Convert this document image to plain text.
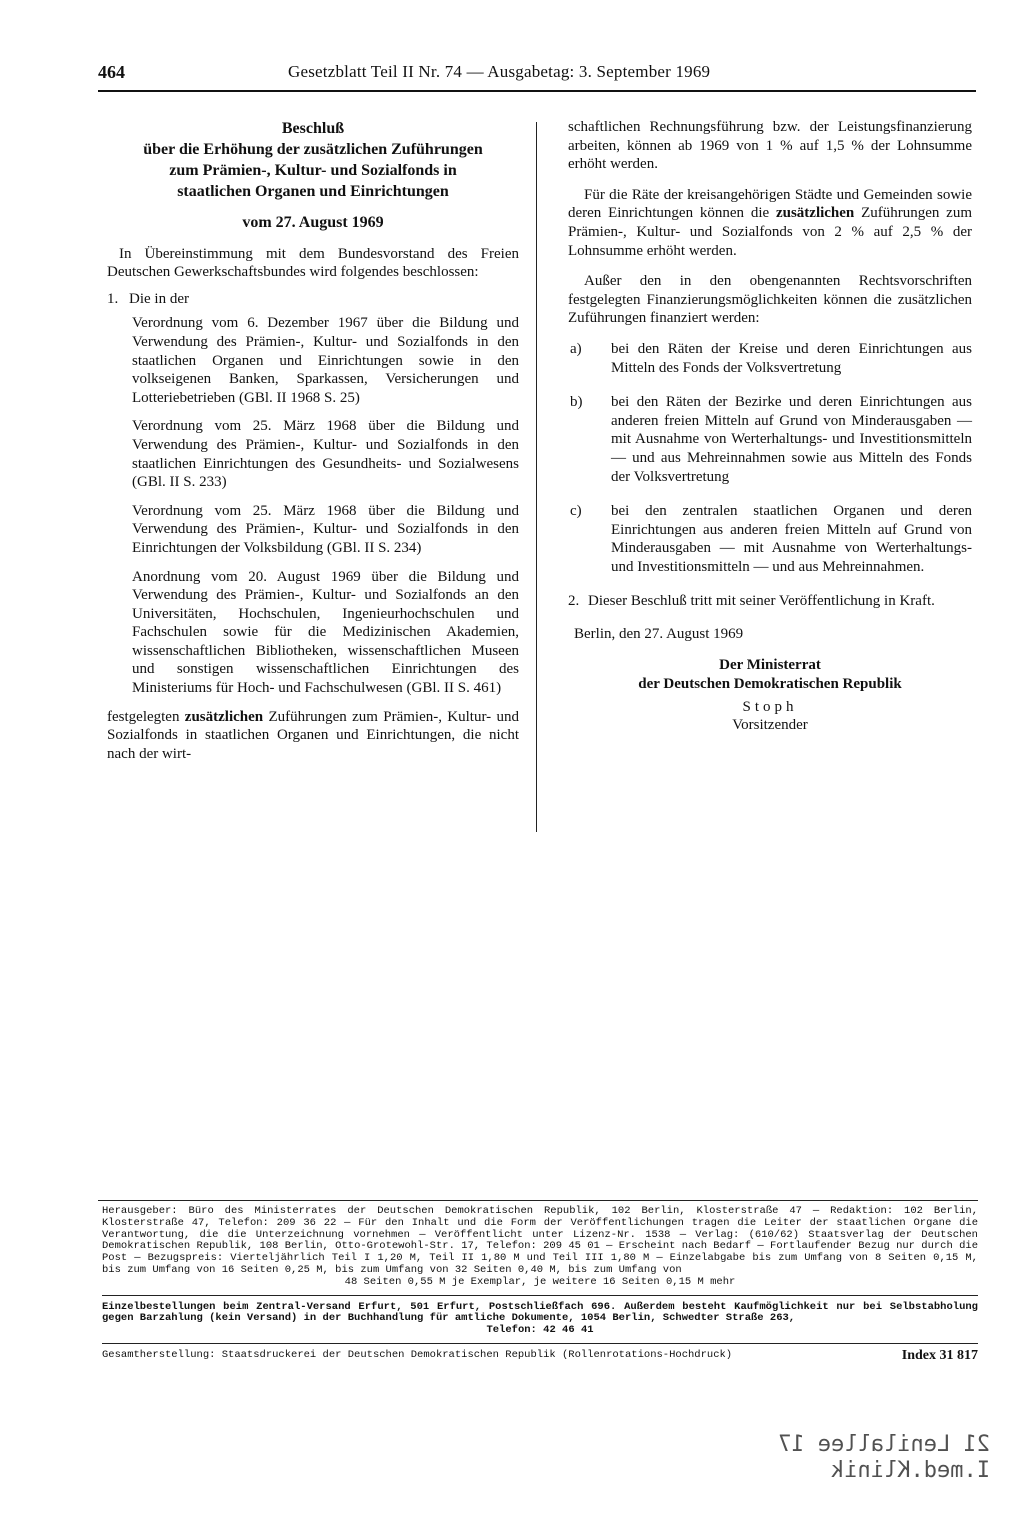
464	Gesetzblatt Teil II Nr. 74 — Ausgabetag: 3. September 1969
Beschluß
über die Erhöhung der zusätzlichen Zuführungen
zum Prämien-, Kultur- und Sozialfonds in
staatlichen Organen und Einrichtungen
vom 27. August 1969

In Übereinstimmung mit dem Bundesvorstand des Freien Deutschen Gewerkschaftsbundes wird folgendes beschlossen:

1. Die in der

Verordnung vom 6. Dezember 1967 über die Bildung und Verwendung des Prämien-, Kultur- und Sozialfonds in den staatlichen Organen und Einrichtungen sowie in den volkseigenen Banken, Sparkassen, Versicherungen und Lotteriebetrieben (GBl. II 1968 S. 25)

Verordnung vom 25. März 1968 über die Bildung und Verwendung des Prämien-, Kultur- und Sozialfonds in den staatlichen Einrichtungen des Gesundheits- und Sozialwesens (GBl. II S. 233)

Verordnung vom 25. März 1968 über die Bildung und Verwendung des Prämien-, Kultur- und Sozialfonds in den Einrichtungen der Volksbildung (GBl. II S. 234)

Anordnung vom 20. August 1969 über die Bildung und Verwendung des Prämien-, Kultur- und Sozialfonds an den Universitäten, Hochschulen, Ingenieurhochschulen und Fachschulen sowie für die Medizinischen Akademien, wissenschaftlichen Bibliotheken, wissenschaftlichen Museen und sonstigen wissenschaftlichen Einrichtungen des Ministeriums für Hoch- und Fachschulwesen (GBl. II S. 461)

festgelegten zusätzlichen Zuführungen zum Prämien-, Kultur- und Sozialfonds in staatlichen Organen und Einrichtungen, die nicht nach der wirt-

schaftlichen Rechnungsführung bzw. der Leistungsfinanzierung arbeiten, können ab 1969 von 1 % auf 1,5 % der Lohnsumme erhöht werden.

Für die Räte der kreisangehörigen Städte und Gemeinden sowie deren Einrichtungen können die zusätzlichen Zuführungen zum Prämien-, Kultur- und Sozialfonds von 2 % auf 2,5 % der Lohnsumme erhöht werden.

Außer den in den obengenannten Rechtsvorschriften festgelegten Finanzierungsmöglichkeiten können die zusätzlichen Zuführungen finanziert werden:

a)	bei den Räten der Kreise und deren Einrichtungen aus Mitteln des Fonds der Volksvertretung
b)	bei den Räten der Bezirke und deren Einrichtungen aus anderen freien Mitteln auf Grund von Minderausgaben — mit Ausnahme von Werterhaltungs- und Investitionsmitteln — und aus Mehreinnahmen sowie aus Mitteln des Fonds der Volksvertretung
c)	bei den zentralen staatlichen Organen und deren Einrichtungen aus anderen freien Mitteln auf Grund von Minderausgaben — mit Ausnahme von Werterhaltungs- und Investitionsmitteln — und aus Mehreinnahmen.
2. Dieser Beschluß tritt mit seiner Veröffentlichung in Kraft.

Berlin, den 27. August 1969

Der Ministerrat
der Deutschen Demokratischen Republik
Stoph
Vorsitzender

Herausgeber: Büro des Ministerrates der Deutschen Demokratischen Republik, 102 Berlin, Klosterstraße 47 — Redaktion: 102 Berlin, Klosterstraße 47, Telefon: 209 36 22 — Für den Inhalt und die Form der Veröffentlichungen tragen die Leiter der staatlichen Organe die Verantwortung, die die Unterzeichnung vornehmen — Veröffentlicht unter Lizenz-Nr. 1538 — Verlag: (610/62) Staatsverlag der Deutschen Demokratischen Republik, 108 Berlin, Otto-Grotewohl-Str. 17, Telefon: 209 45 01 — Erscheint nach Bedarf — Fortlaufender Bezug nur durch die Post — Bezugspreis: Vierteljährlich Teil I 1,20 M, Teil II 1,80 M und Teil III 1,80 M — Einzelabgabe bis zum Umfang von 8 Seiten 0,15 M, bis zum Umfang von 16 Seiten 0,25 M, bis zum Umfang von 32 Seiten 0,40 M, bis zum Umfang von

48 Seiten 0,55 M je Exemplar, je weitere 16 Seiten 0,15 M mehr

Einzelbestellungen beim Zentral-Versand Erfurt, 501 Erfurt, Postschließfach 696. Außerdem besteht Kaufmöglichkeit nur bei Selbstabholung gegen Barzahlung (kein Versand) in der Buchhandlung für amtliche Dokumente, 1054 Berlin, Schwedter Straße 263,

Telefon: 42 46 41

Gesamtherstellung: Staatsdruckerei der Deutschen Demokratischen Republik (Rollenrotations-Hochdruck)	Index 31 817
21 Lenilallee 17
I.med.Klinik
